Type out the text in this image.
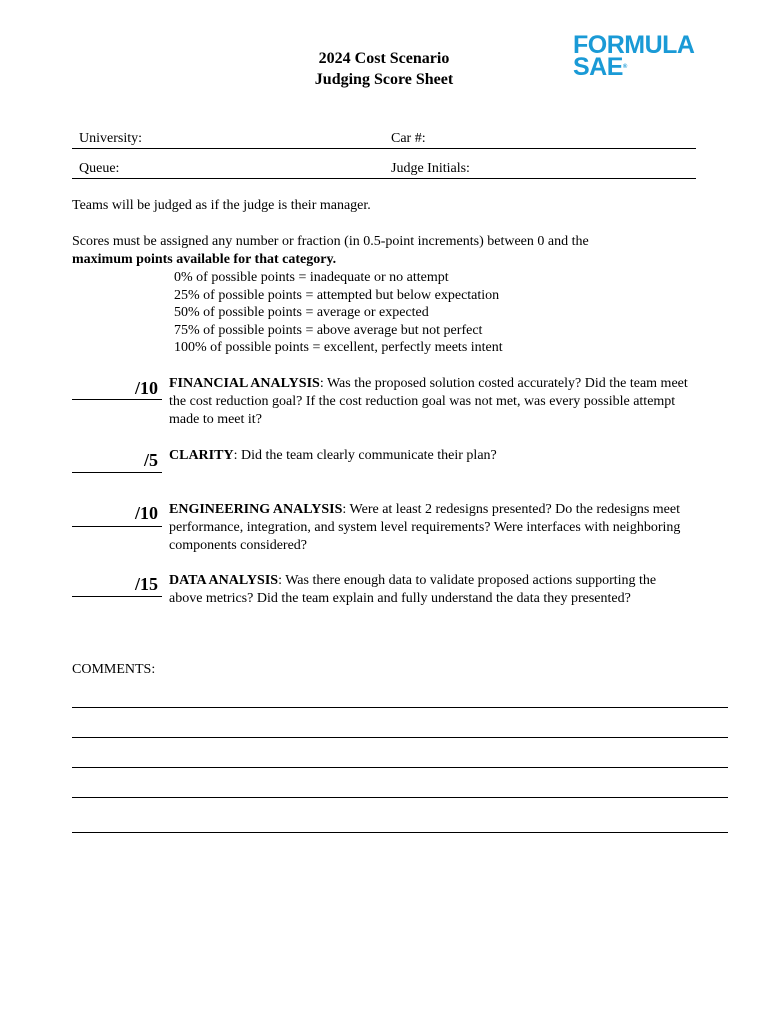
2024 Cost Scenario
Judging Score Sheet
FORMULA
SAE®
University:	Car #:
Queue:	Judge Initials:
Teams will be judged as if the judge is their manager.
Scores must be assigned any number or fraction (in 0.5-point increments) between 0 and the
maximum points available for that category.
0% of possible points = inadequate or no attempt
25% of possible points = attempted but below expectation
50% of possible points = average or expected
75% of possible points = above average but not perfect
100% of possible points = excellent, perfectly meets intent
/10 FINANCIAL ANALYSIS: Was the proposed solution costed accurately? Did the team meet the cost reduction goal? If the cost reduction goal was not met, was every possible attempt made to meet it?
/5 CLARITY: Did the team clearly communicate their plan?
/10 ENGINEERING ANALYSIS: Were at least 2 redesigns presented? Do the redesigns meet performance, integration, and system level requirements? Were interfaces with neighboring components considered?
/15 DATA ANALYSIS: Was there enough data to validate proposed actions supporting the above metrics? Did the team explain and fully understand the data they presented?
COMMENTS:
